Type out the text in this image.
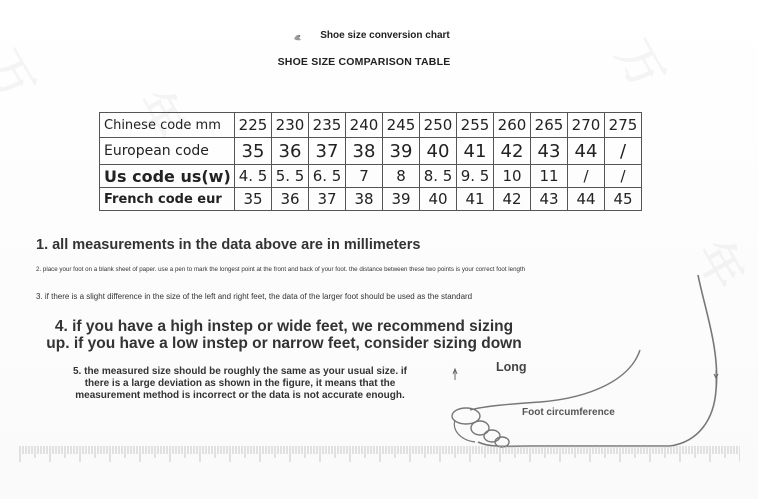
Shoe size conversion chart
SHOE SIZE COMPARISON TABLE
Chinese code mm	225	230	235	240	245	250	255	260	265	270	275
European code	35	36	37	38	39	40	41	42	43	44	/
Us code us(w)	4. 5	5. 5	6. 5	7	8	8. 5	9. 5	10	11	/	/
French code eur	35	36	37	38	39	40	41	42	43	44	45
1. all measurements in the data above are in millimeters
2. place your foot on a blank sheet of paper. use a pen to mark the longest point at the front and back of your foot. the distance between these two points is your correct foot length
3. if there is a slight difference in the size of the left and right feet, the data of the larger foot should be used as the standard
4. if you have a high instep or wide feet, we recommend sizing
up. if you have a low instep or narrow feet, consider sizing down
5. the measured size should be roughly the same as your usual size. if
there is a large deviation as shown in the figure, it means that the
measurement method is incorrect or the data is not accurate enough.
Long
Foot circumference
